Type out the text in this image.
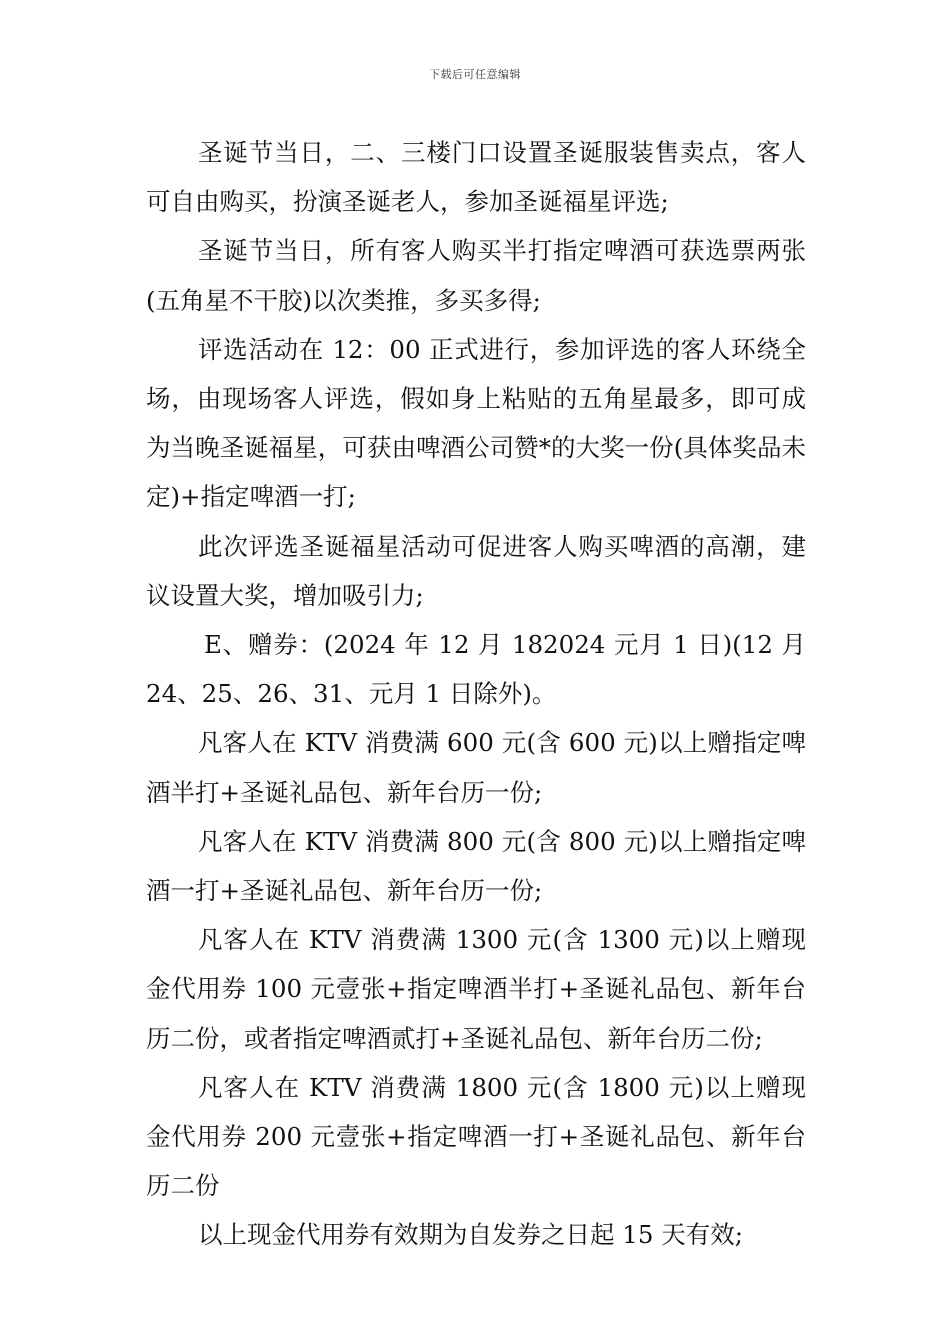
下载后可任意编辑

圣诞节当日，二、三楼门口设置圣诞服装售卖点，客人可自由购买，扮演圣诞老人，参加圣诞福星评选;

圣诞节当日，所有客人购买半打指定啤酒可获选票两张(五角星不干胶)以次类推，多买多得;

评选活动在 12：00 正式进行，参加评选的客人环绕全场，由现场客人评选，假如身上粘贴的五角星最多，即可成为当晚圣诞福星，可获由啤酒公司赞*的大奖一份(具体奖品未定)+指定啤酒一打;

此次评选圣诞福星活动可促进客人购买啤酒的高潮，建议设置大奖，增加吸引力;

E、赠券：(2024 年 12 月 182024 元月 1 日)(12 月 24、25、26、31、元月 1 日除外)。

凡客人在 KTV 消费满 600 元(含 600 元)以上赠指定啤酒半打+圣诞礼品包、新年台历一份;

凡客人在 KTV 消费满 800 元(含 800 元)以上赠指定啤酒一打+圣诞礼品包、新年台历一份;

凡客人在 KTV 消费满 1300 元(含 1300 元)以上赠现金代用券 100 元壹张+指定啤酒半打+圣诞礼品包、新年台历二份，或者指定啤酒贰打+圣诞礼品包、新年台历二份;

凡客人在 KTV 消费满 1800 元(含 1800 元)以上赠现金代用券 200 元壹张+指定啤酒一打+圣诞礼品包、新年台历二份

以上现金代用券有效期为自发券之日起 15 天有效;
